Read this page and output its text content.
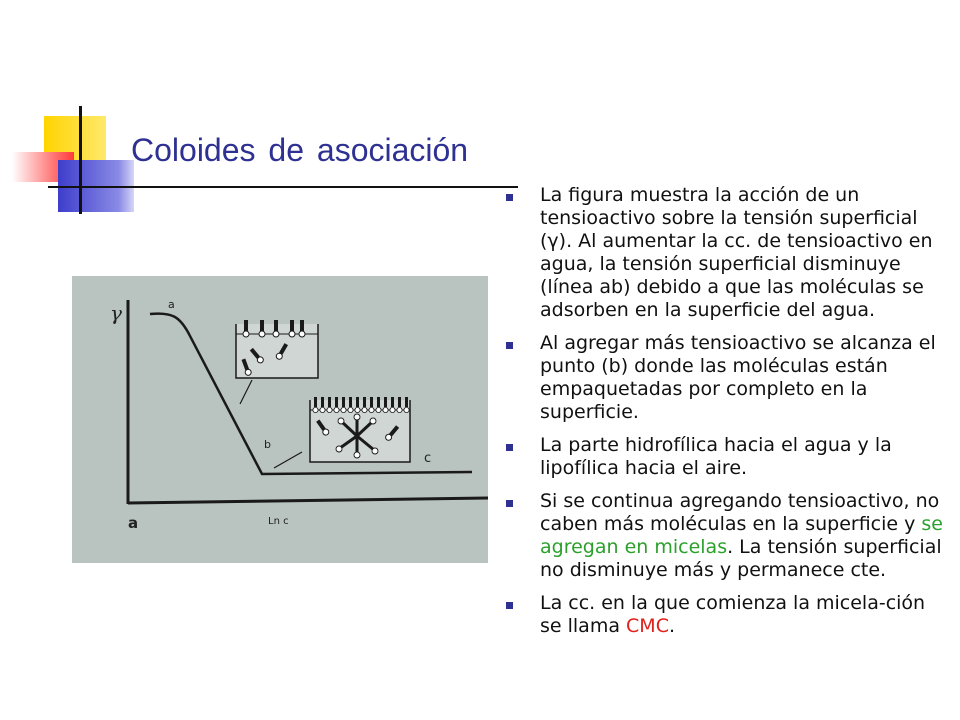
Coloides de asociación
γ	a
b
c
Ln c
a
La figura muestra la acción de un tensioactivo sobre la tensión superficial (γ). Al aumentar la cc. de tensioactivo en agua, la tensión superficial disminuye (línea ab) debido a que las moléculas se adsorben en la superficie del agua.
Al agregar más tensioactivo se alcanza el punto (b) donde las moléculas están empaquetadas por completo en la superficie.
La parte hidrofílica hacia el agua y la lipofílica hacia el aire.
Si se continua agregando tensioactivo, no caben más moléculas en la superficie y se agregan en micelas. La tensión superficial no disminuye más y permanece cte.
La cc. en la que comienza la micela-ción se llama CMC.
